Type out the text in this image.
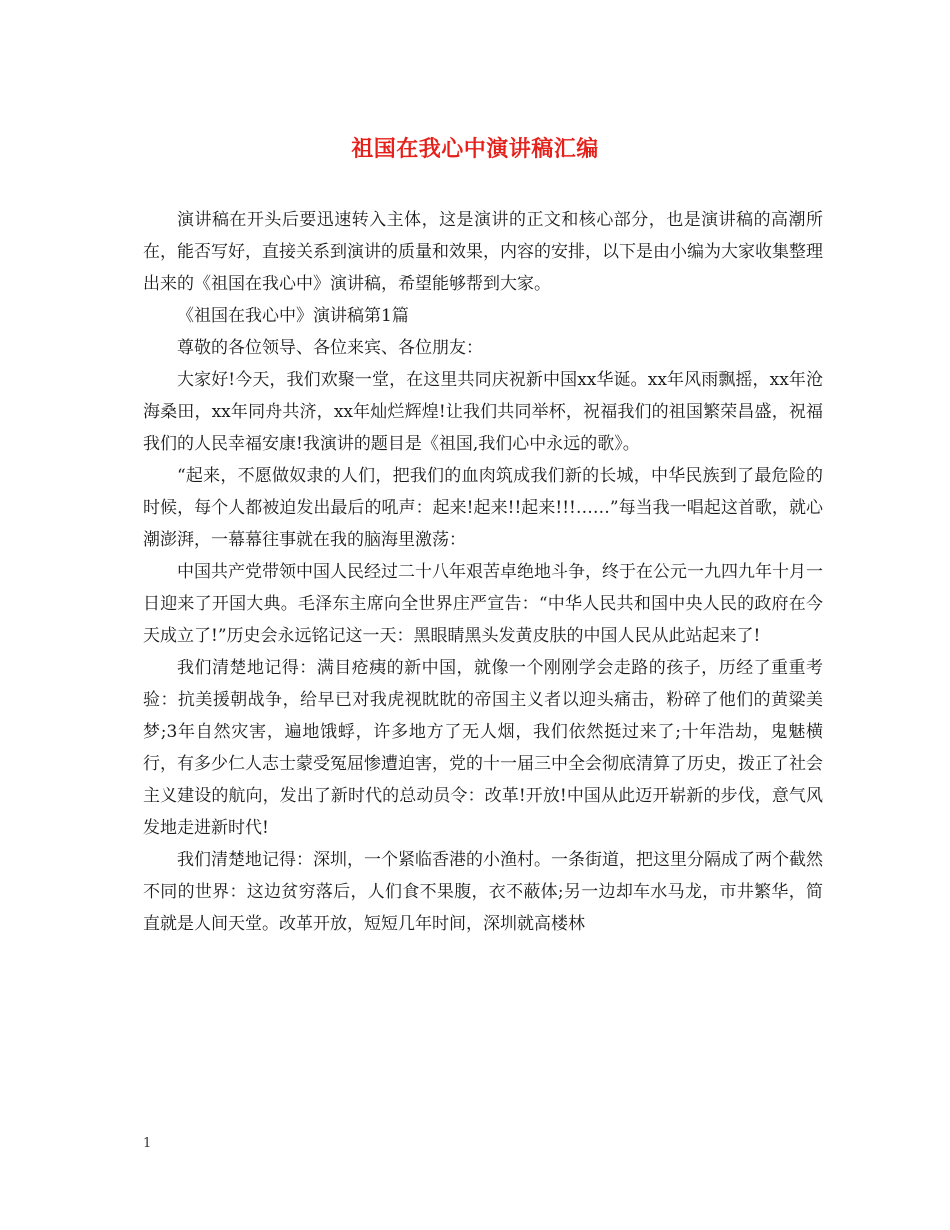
祖国在我心中演讲稿汇编

演讲稿在开头后要迅速转入主体，这是演讲的正文和核心部分，也是演讲稿的高潮所在，能否写好，直接关系到演讲的质量和效果，内容的安排，以下是由小编为大家收集整理出来的《祖国在我心中》演讲稿，希望能够帮到大家。

《祖国在我心中》演讲稿第1篇

尊敬的各位领导、各位来宾、各位朋友：

大家好!今天，我们欢聚一堂，在这里共同庆祝新中国xx华诞。xx年风雨飘摇，xx年沧海桑田，xx年同舟共济，xx年灿烂辉煌!让我们共同举杯，祝福我们的祖国繁荣昌盛，祝福我们的人民幸福安康!我演讲的题目是《祖国,我们心中永远的歌》。

“起来，不愿做奴隶的人们，把我们的血肉筑成我们新的长城，中华民族到了最危险的时候，每个人都被迫发出最后的吼声：起来!起来!!起来!!!……”每当我一唱起这首歌，就心潮澎湃，一幕幕往事就在我的脑海里激荡：

中国共产党带领中国人民经过二十八年艰苦卓绝地斗争，终于在公元一九四九年十月一日迎来了开国大典。毛泽东主席向全世界庄严宣告：“中华人民共和国中央人民的政府在今天成立了!”历史会永远铭记这一天：黑眼睛黑头发黄皮肤的中国人民从此站起来了!

我们清楚地记得：满目疮痍的新中国，就像一个刚刚学会走路的孩子，历经了重重考验：抗美援朝战争，给早已对我虎视眈眈的帝国主义者以迎头痛击，粉碎了他们的黄粱美梦;3年自然灾害，遍地饿蜉，许多地方了无人烟，我们依然挺过来了;十年浩劫，鬼魅横行，有多少仁人志士蒙受冤屈惨遭迫害，党的十一届三中全会彻底清算了历史，拨正了社会主义建设的航向，发出了新时代的总动员令：改革!开放!中国从此迈开崭新的步伐，意气风发地走进新时代!

我们清楚地记得：深圳，一个紧临香港的小渔村。一条街道，把这里分隔成了两个截然不同的世界：这边贫穷落后，人们食不果腹，衣不蔽体;另一边却车水马龙，市井繁华，简直就是人间天堂。改革开放，短短几年时间，深圳就高楼林

1
